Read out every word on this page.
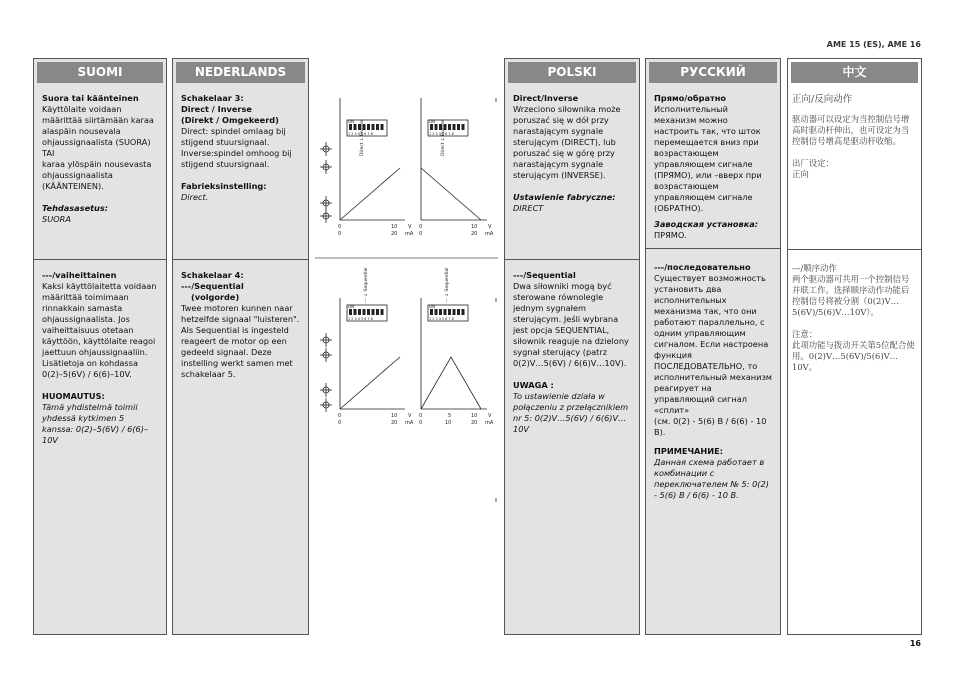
AME 15 (ES), AME 16
SUOMI
Suora tai käänteinen
Käyttölaite voidaan määrittää siirtämään karaa alaspäin nousevala ohjaussignaalista (SUORA)
TAI
karaa ylöspäin nousevasta ohjaussignaalista (KÄÄNTEINEN).
Tehdasasetus:
SUORA
---/vaiheittainen
Kaksi käyttölaitetta voidaan määrittää toimimaan rinnakkain samasta ohjaussignaalista. Jos vaiheittaisuus otetaan käyttöön, käyttölaite reagoi jaettuun ohjaussignaaliin. Lisätietoja on kohdassa 0(2)–5(6V) / 6(6)–10V.
HUOMAUTUS:
Tämä yhdistelmä toimii yhdessä kytkimen 5 kanssa: 0(2)–5(6V) / 6(6)–10V
NEDERLANDS
Schakelaar 3:
Direct / Inverse
(Direkt / Omgekeerd)
Direct: spindel omlaag bij stijgend stuursignaal. Inverse:spindel omhoog bij stijgend stuursignaal.
Fabrieksinstelling:
Direct.
Schakelaar 4:
---/Sequential
(volgorde)
Twee motoren kunnen naar hetzelfde signaal "luisteren". Als Sequential is ingesteld reageert de motor op een gedeeld signaal. Deze instelling werkt samen met schakelaar 5.
ON
1 2 3 4 5 6 7 8
Direct ↓ Inverse	ON
1 2 3 4 5 6 7 8
Direct ↓ Inverse
0	10 V
0	20 mA
0	10 V
0	20 mA
ON
1 2 3 4 5 6 7 8
--- ↓ Sequential
ON
1 2 3 4 5 6 7 8
--- ↓ Sequential
0	10 V
0	20 mA
0	5	10 V
0	10	20 mA
POLSKI
Direct/Inverse
Wrzeciono siłownika może poruszać się w dół przy narastającym sygnale sterującym (DIRECT), lub poruszać się w górę przy narastającym sygnale sterującym (INVERSE).
Ustawienie fabryczne:
DIRECT
---/Sequential
Dwa siłowniki mogą być sterowane równolegle jednym sygnałem sterującym. Jeśli wybrana jest opcja SEQUENTIAL, siłownik reaguje na dzielony sygnał sterujący (patrz 0(2)V…5(6V) / 6(6)V…10V).
UWAGA :
To ustawienie działa w połączeniu z przełącznikiem nr 5: 0(2)V…5(6V) / 6(6)V…10V
РУССКИЙ
Прямо/обратно
Исполнительный механизм можно настроить так, что шток перемещается вниз при возрастающем управляющем сигнале (ПРЯМО), или –вверх при возрастающем управляющем сигнале (ОБРАТНО).
Заводская установка:
ПРЯМО.
---/последовательно
Существует возможность установить два исполнительных механизма так, что они работают параллельно, с одним управляющим сигналом. Если настроена функция ПОСЛЕДОВАТЕЛЬНО, то исполнительный механизм реагирует на управляющий сигнал «сплит»
(см. 0(2) - 5(6) В / 6(6) - 10 В).
ПРИМЕЧАНИЕ:
Данная схема работает в комбинации с переключателем № 5: 0(2) - 5(6) В / 6(6) - 10 В.
中文
正向/反向动作
驱动器可以设定为当控制信号增高时驱动杆伸出，也可设定为当控制信号增高是驱动杆收缩。
出厂设定：
正向
---/顺序动作
两个驱动器可共用一个控制信号并联工作。选择顺序动作功能后控制信号将被分割（0(2)V…5(6V)/5(6)V…10V）。
注意：
此项功能与拨动开关第5位配合使用。0(2)V…5(6V)/5(6)V…10V。
16
